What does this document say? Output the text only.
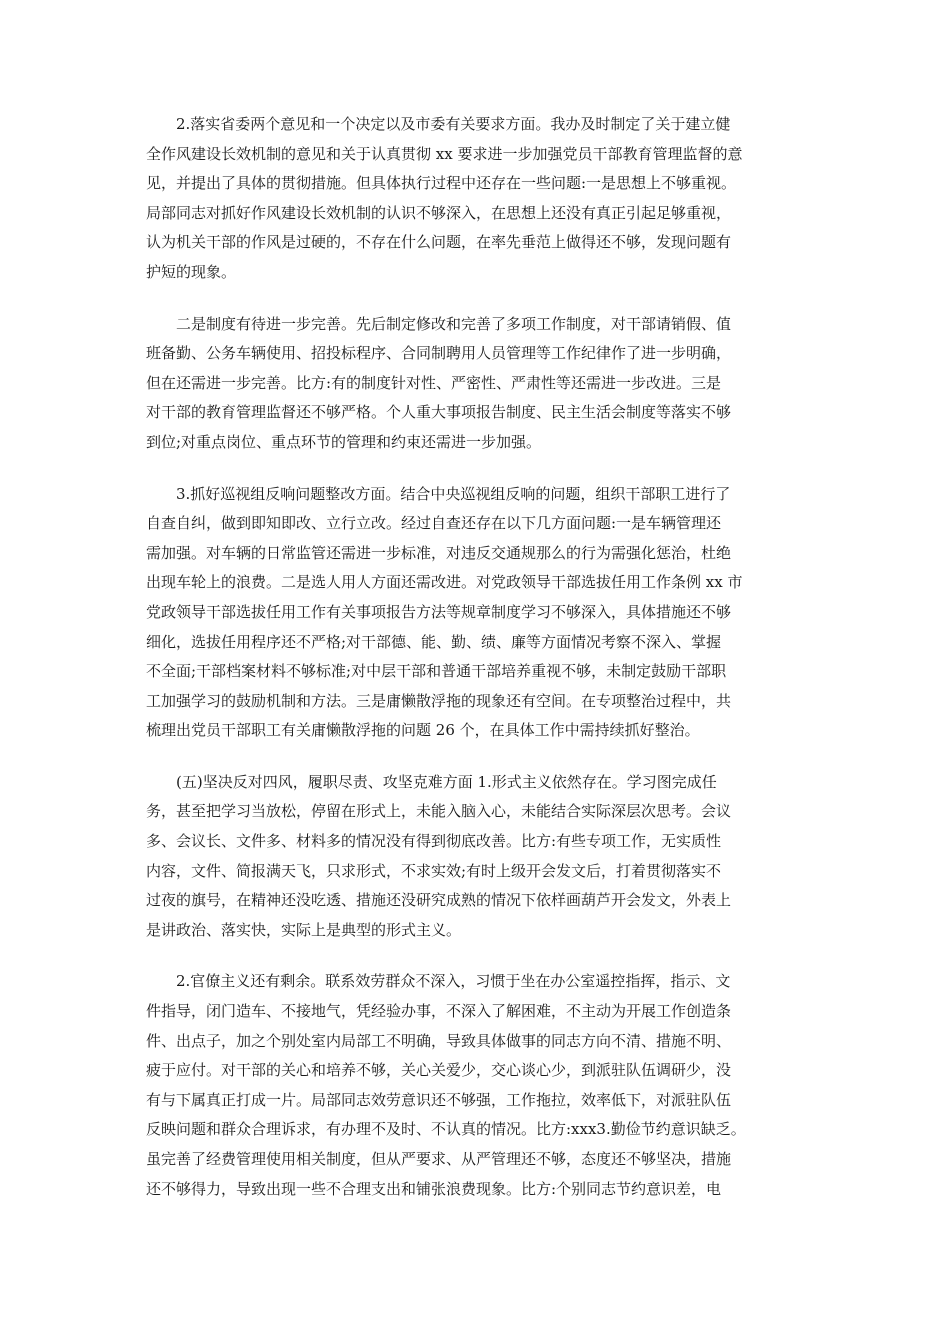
2.落实省委两个意见和一个决定以及市委有关要求方面。我办及时制定了关于建立健
全作风建设长效机制的意见和关于认真贯彻 xx 要求进一步加强党员干部教育管理监督的意
见，并提出了具体的贯彻措施。但具体执行过程中还存在一些问题:一是思想上不够重视。
局部同志对抓好作风建设长效机制的认识不够深入，在思想上还没有真正引起足够重视，
认为机关干部的作风是过硬的，不存在什么问题，在率先垂范上做得还不够，发现问题有
护短的现象。
二是制度有待进一步完善。先后制定修改和完善了多项工作制度，对干部请销假、值
班备勤、公务车辆使用、招投标程序、合同制聘用人员管理等工作纪律作了进一步明确，
但在还需进一步完善。比方:有的制度针对性、严密性、严肃性等还需进一步改进。三是
对干部的教育管理监督还不够严格。个人重大事项报告制度、民主生活会制度等落实不够
到位;对重点岗位、重点环节的管理和约束还需进一步加强。
3.抓好巡视组反响问题整改方面。结合中央巡视组反响的问题，组织干部职工进行了
自查自纠，做到即知即改、立行立改。经过自查还存在以下几方面问题:一是车辆管理还
需加强。对车辆的日常监管还需进一步标准，对违反交通规那么的行为需强化惩治，杜绝
出现车轮上的浪费。二是选人用人方面还需改进。对党政领导干部选拔任用工作条例 xx 市
党政领导干部选拔任用工作有关事项报告方法等规章制度学习不够深入，具体措施还不够
细化，选拔任用程序还不严格;对干部德、能、勤、绩、廉等方面情况考察不深入、掌握
不全面;干部档案材料不够标准;对中层干部和普通干部培养重视不够，未制定鼓励干部职
工加强学习的鼓励机制和方法。三是庸懒散浮拖的现象还有空间。在专项整治过程中，共
梳理出党员干部职工有关庸懒散浮拖的问题 26 个，在具体工作中需持续抓好整治。
(五)坚决反对四风，履职尽责、攻坚克难方面 1.形式主义依然存在。学习图完成任
务，甚至把学习当放松，停留在形式上，未能入脑入心，未能结合实际深层次思考。会议
多、会议长、文件多、材料多的情况没有得到彻底改善。比方:有些专项工作，无实质性
内容，文件、简报满天飞，只求形式，不求实效;有时上级开会发文后，打着贯彻落实不
过夜的旗号，在精神还没吃透、措施还没研究成熟的情况下依样画葫芦开会发文，外表上
是讲政治、落实快，实际上是典型的形式主义。
2.官僚主义还有剩余。联系效劳群众不深入，习惯于坐在办公室遥控指挥，指示、文
件指导，闭门造车、不接地气，凭经验办事，不深入了解困难，不主动为开展工作创造条
件、出点子，加之个别处室内局部工不明确，导致具体做事的同志方向不清、措施不明、
疲于应付。对干部的关心和培养不够，关心关爱少，交心谈心少，到派驻队伍调研少，没
有与下属真正打成一片。局部同志效劳意识还不够强，工作拖拉，效率低下，对派驻队伍
反映问题和群众合理诉求，有办理不及时、不认真的情况。比方:xxx3.勤俭节约意识缺乏。
虽完善了经费管理使用相关制度，但从严要求、从严管理还不够，态度还不够坚决，措施
还不够得力，导致出现一些不合理支出和铺张浪费现象。比方:个别同志节约意识差，电
